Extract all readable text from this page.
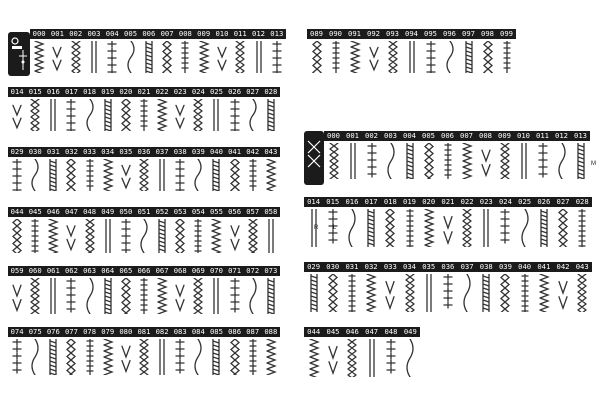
000 001 002 003 004 005 006 007 008 009 010 011 012 013
014 015 016 017 018 019 020 021 022 023 024 025 026 027 028
029 030 031 032 033 034 035 036 037 038 039 040 041 042 043
044 045 046 047 048 049 050 051 052 053 054 055 056 057 058
059 060 061 062 063 064 065 066 067 068 069 070 071 072 073
074 075 076 077 078 079 080 081 082 083 084 085 086 087 088
089 090 091 092 093 094 095 096 097 098 099
000 001 002 003 004 005 006 007 008 009 010 011 012 013
M
014 015 016 017 018 019 020 021 022 023 024 025 026 027 028
R L
029 030 031 032 033 034 035 036 037 038 039 040 041 042 043
044 045 046 047 048 049
